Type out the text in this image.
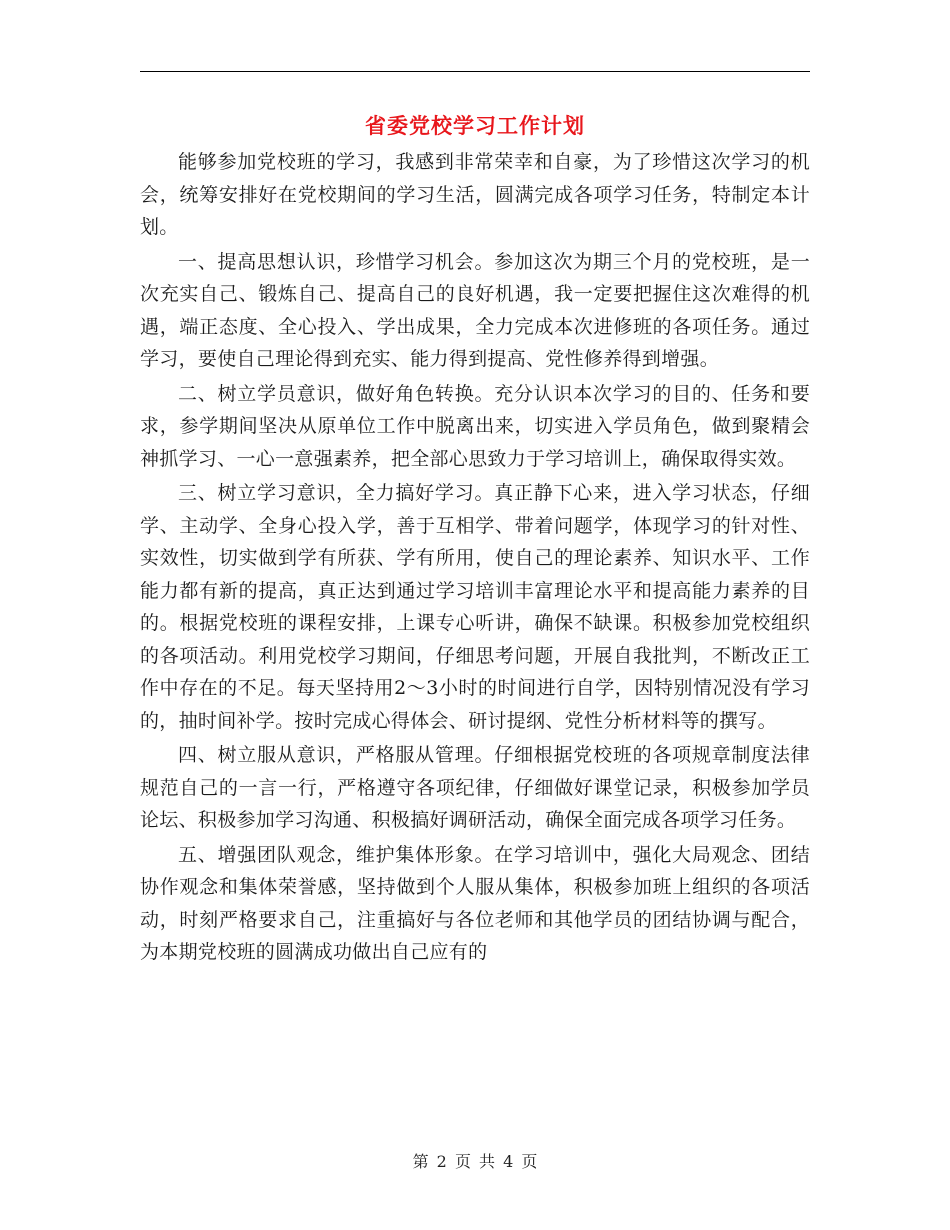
省委党校学习工作计划

能够参加党校班的学习，我感到非常荣幸和自豪，为了珍惜这次学习的机会，统筹安排好在党校期间的学习生活，圆满完成各项学习任务，特制定本计划。

一、提高思想认识，珍惜学习机会。参加这次为期三个月的党校班，是一次充实自己、锻炼自己、提高自己的良好机遇，我一定要把握住这次难得的机遇，端正态度、全心投入、学出成果，全力完成本次进修班的各项任务。通过学习，要使自己理论得到充实、能力得到提高、党性修养得到增强。

二、树立学员意识，做好角色转换。充分认识本次学习的目的、任务和要求，参学期间坚决从原单位工作中脱离出来，切实进入学员角色，做到聚精会神抓学习、一心一意强素养，把全部心思致力于学习培训上，确保取得实效。

三、树立学习意识，全力搞好学习。真正静下心来，进入学习状态，仔细学、主动学、全身心投入学，善于互相学、带着问题学，体现学习的针对性、实效性，切实做到学有所获、学有所用，使自己的理论素养、知识水平、工作能力都有新的提高，真正达到通过学习培训丰富理论水平和提高能力素养的目的。根据党校班的课程安排，上课专心听讲，确保不缺课。积极参加党校组织的各项活动。利用党校学习期间，仔细思考问题，开展自我批判，不断改正工作中存在的不足。每天坚持用2～3小时的时间进行自学，因特别情况没有学习的，抽时间补学。按时完成心得体会、研讨提纲、党性分析材料等的撰写。

四、树立服从意识，严格服从管理。仔细根据党校班的各项规章制度法律规范自己的一言一行，严格遵守各项纪律，仔细做好课堂记录，积极参加学员论坛、积极参加学习沟通、积极搞好调研活动，确保全面完成各项学习任务。

五、增强团队观念，维护集体形象。在学习培训中，强化大局观念、团结协作观念和集体荣誉感，坚持做到个人服从集体，积极参加班上组织的各项活动，时刻严格要求自己，注重搞好与各位老师和其他学员的团结协调与配合，为本期党校班的圆满成功做出自己应有的

第 2 页 共 4 页
